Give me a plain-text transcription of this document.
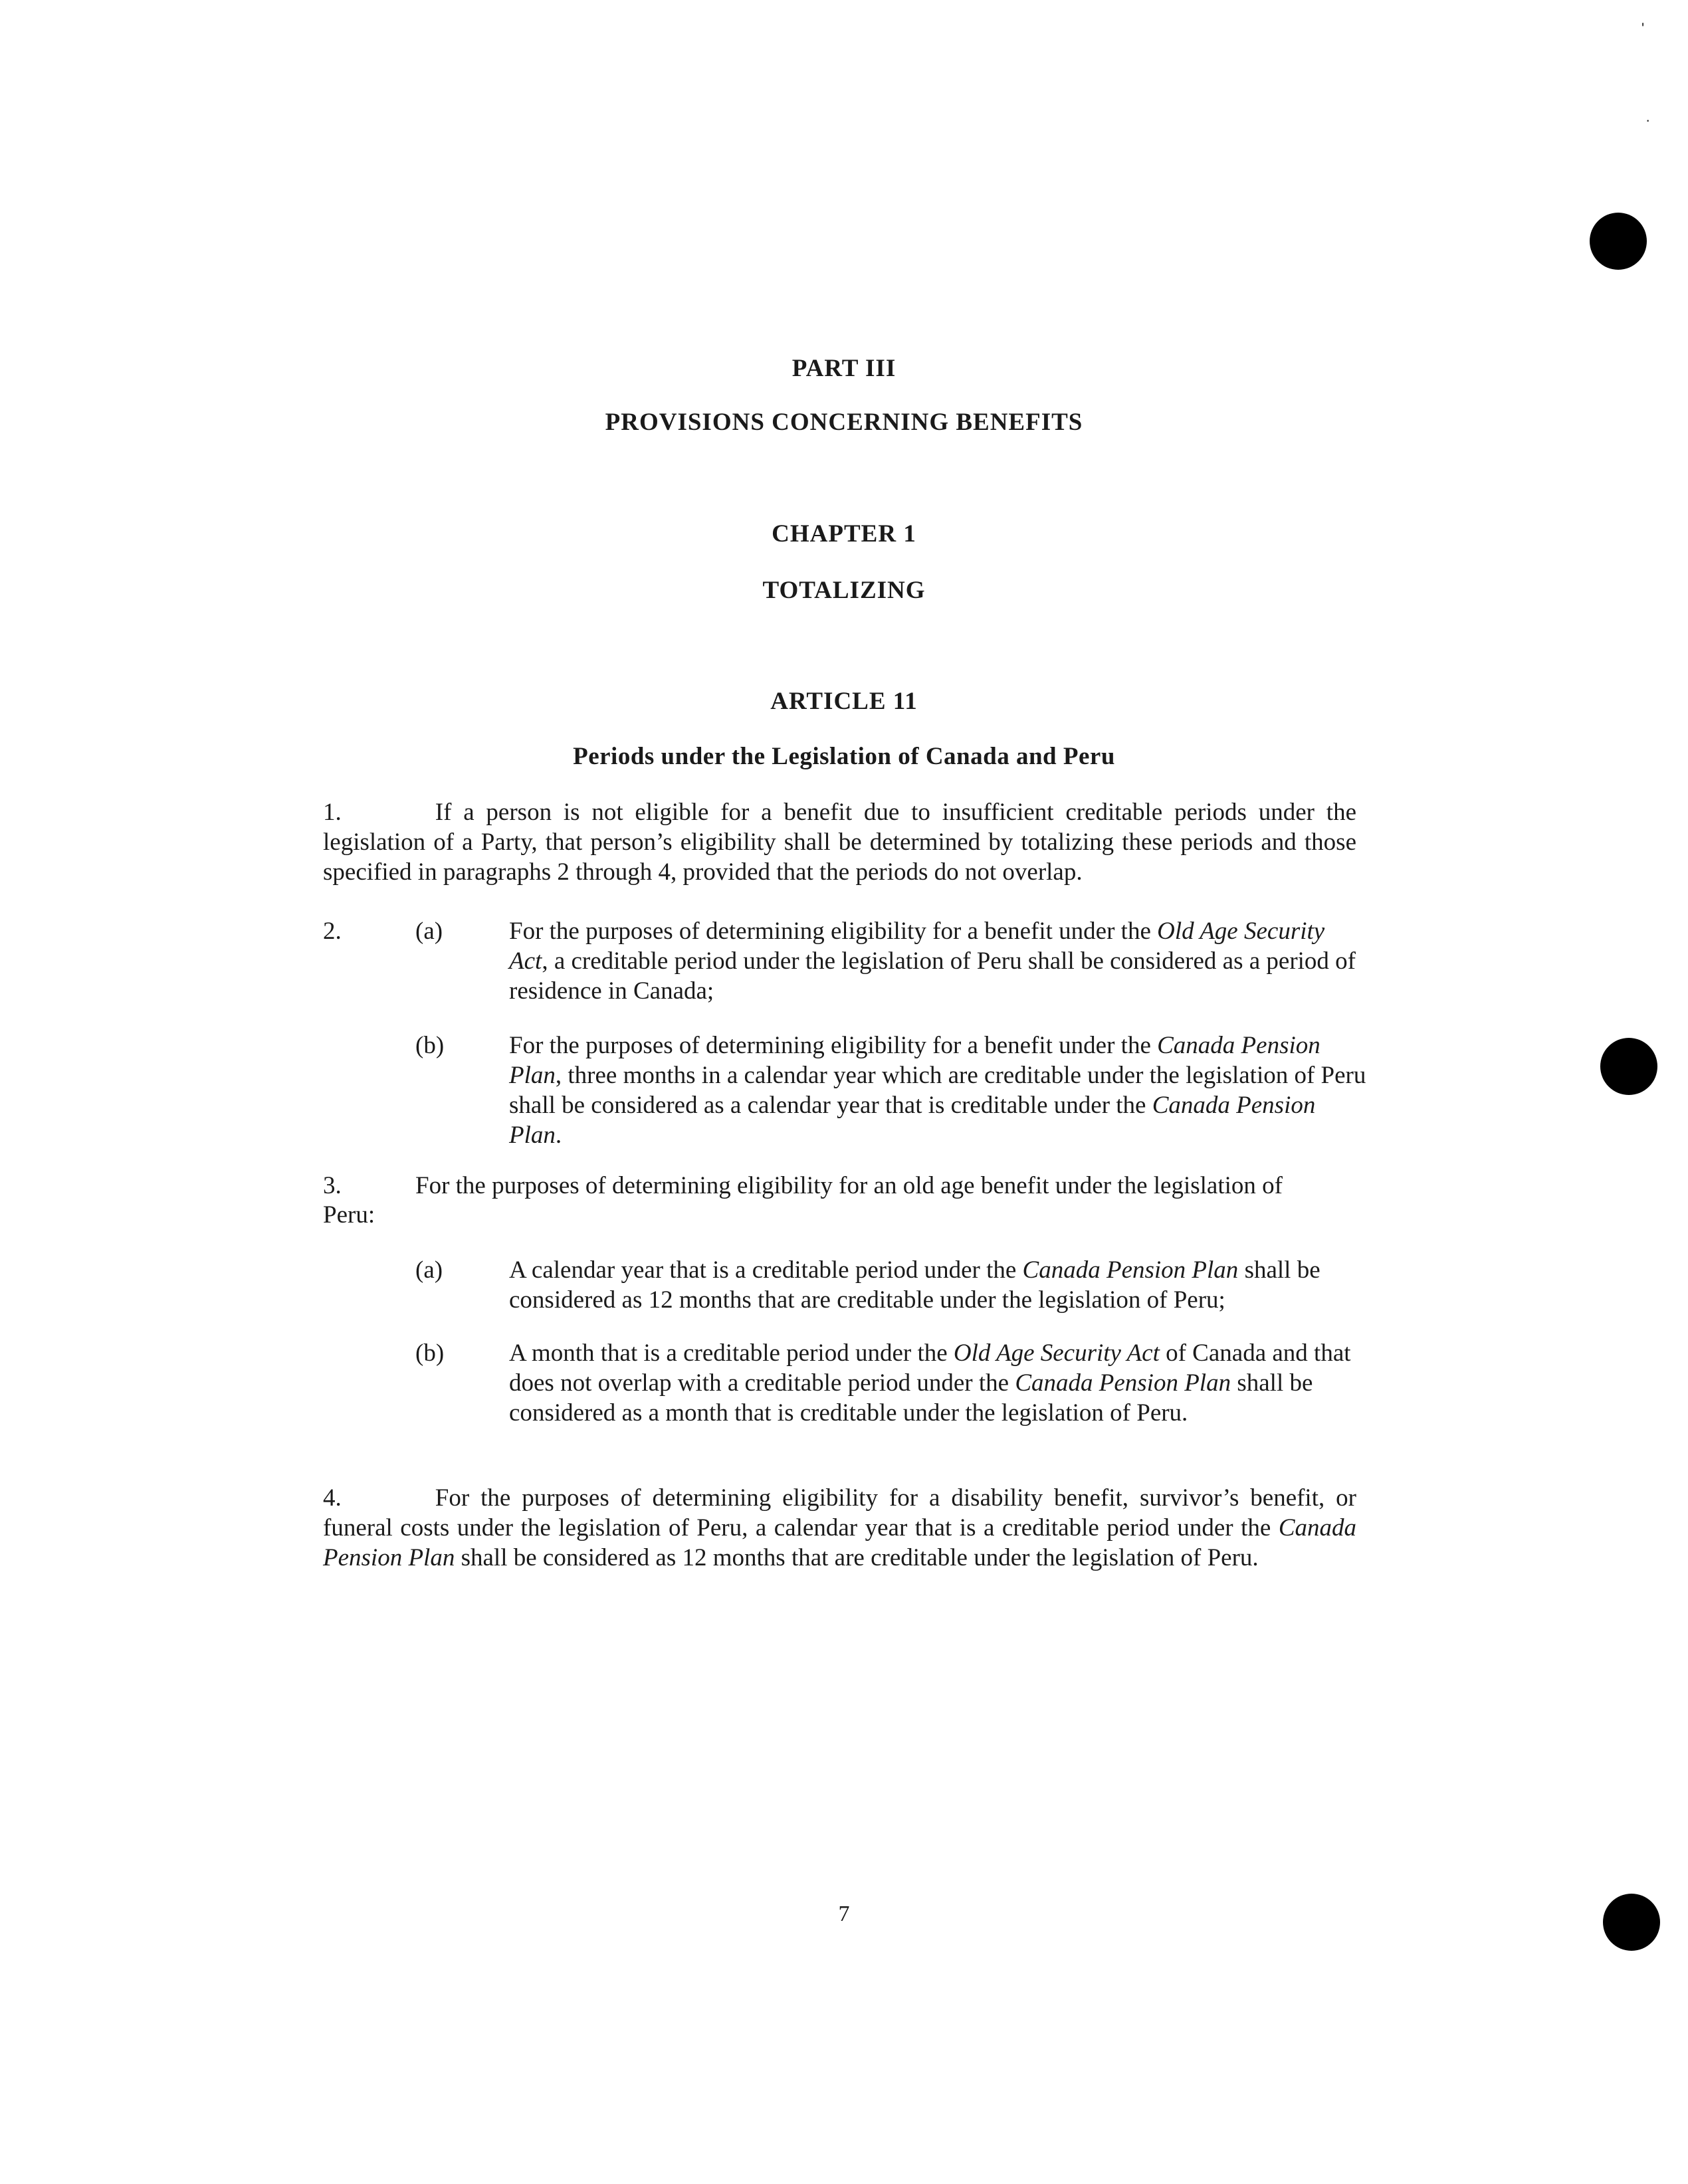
'
·
PART III
PROVISIONS CONCERNING BENEFITS
CHAPTER 1
TOTALIZING
ARTICLE 11
Periods under the Legislation of Canada and Peru
1.	If a person is not eligible for a benefit due to insufficient creditable periods under the legislation of a Party, that person’s eligibility shall be determined by totalizing these periods and those specified in paragraphs 2 through 4, provided that the periods do not overlap.
2.	(a)	For the purposes of determining eligibility for a benefit under the Old Age Security Act, a creditable period under the legislation of Peru shall be considered as a period of residence in Canada;
(b)	For the purposes of determining eligibility for a benefit under the Canada Pension Plan, three months in a calendar year which are creditable under the legislation of Peru shall be considered as a calendar year that is creditable under the Canada Pension Plan.
3.	For the purposes of determining eligibility for an old age benefit under the legislation of
Peru:
(a)	A calendar year that is a creditable period under the Canada Pension Plan shall be considered as 12 months that are creditable under the legislation of Peru;
(b)	A month that is a creditable period under the Old Age Security Act of Canada and that does not overlap with a creditable period under the Canada Pension Plan shall be considered as a month that is creditable under the legislation of Peru.
4.	For the purposes of determining eligibility for a disability benefit, survivor’s benefit, or funeral costs under the legislation of Peru, a calendar year that is a creditable period under the Canada Pension Plan shall be considered as 12 months that are creditable under the legislation of Peru.
7
